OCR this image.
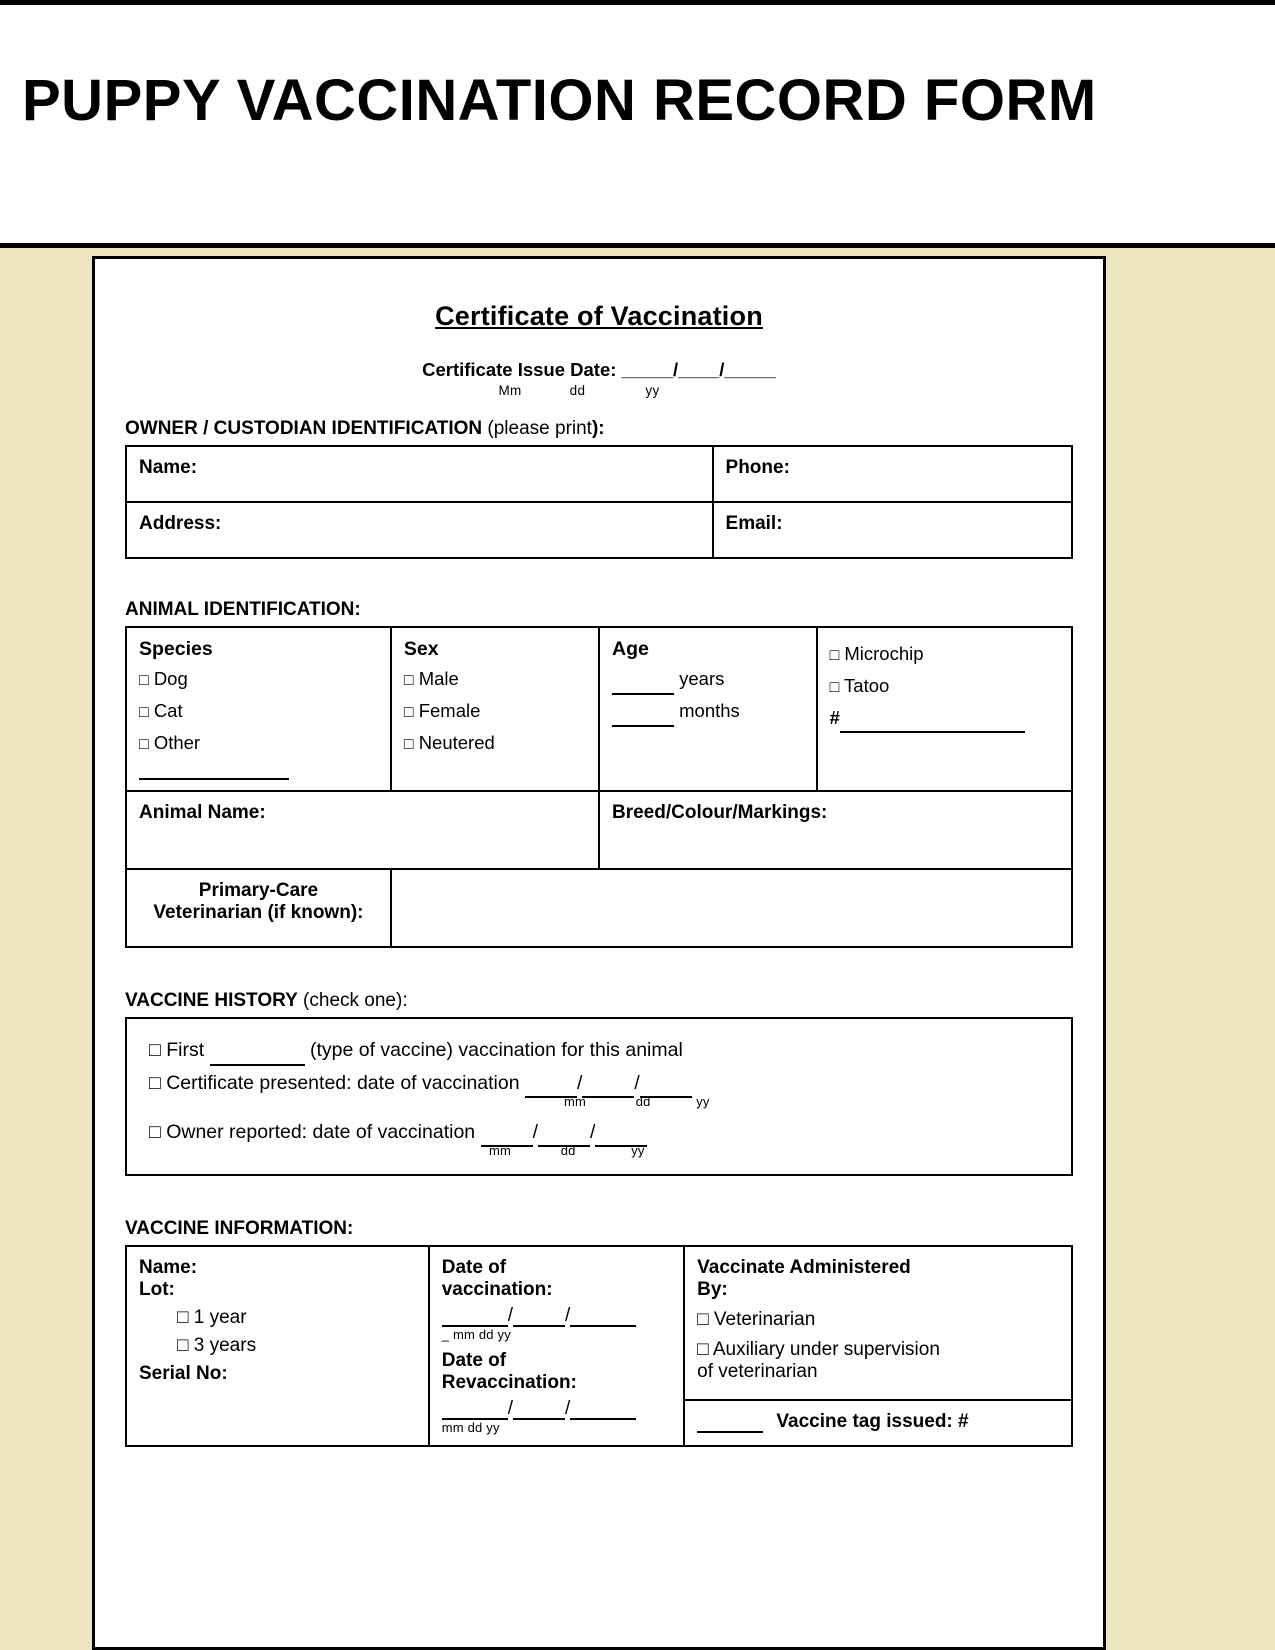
PUPPY VACCINATION RECORD FORM
Certificate of Vaccination
Certificate Issue Date: _____/____/_____
Mm	dd	yy
OWNER / CUSTODIAN IDENTIFICATION (please print):
Name:	Phone:
Address:	Email:
ANIMAL IDENTIFICATION:
Species
□ Dog
□ Cat
□ Other

Sex
□ Male
□ Female
□ Neutered

Age
years
months

□ Microchip
□ Tatoo
#

Animal Name:		Breed/Colour/Markings:	

Primary-Care
Veterinarian (if known):			

VACCINE HISTORY (check one):
□ First	(type of vaccine) vaccination for this animal
□ Certificate presented: date of vaccination	/	/
mm	dd	yy
□ Owner reported: date of vaccination	/	/
mm	dd	yy
VACCINE INFORMATION:
Name:
Lot:
□ 1 year
□ 3 years
Serial No:

Date of
vaccination:
/	/
_ mm dd yy
Date of
Revaccination:
/	/
mm dd yy

Vaccinate Administered
By:
□ Veterinarian
□ Auxiliary under supervision
of veterinarian

Vaccine tag issued: #
